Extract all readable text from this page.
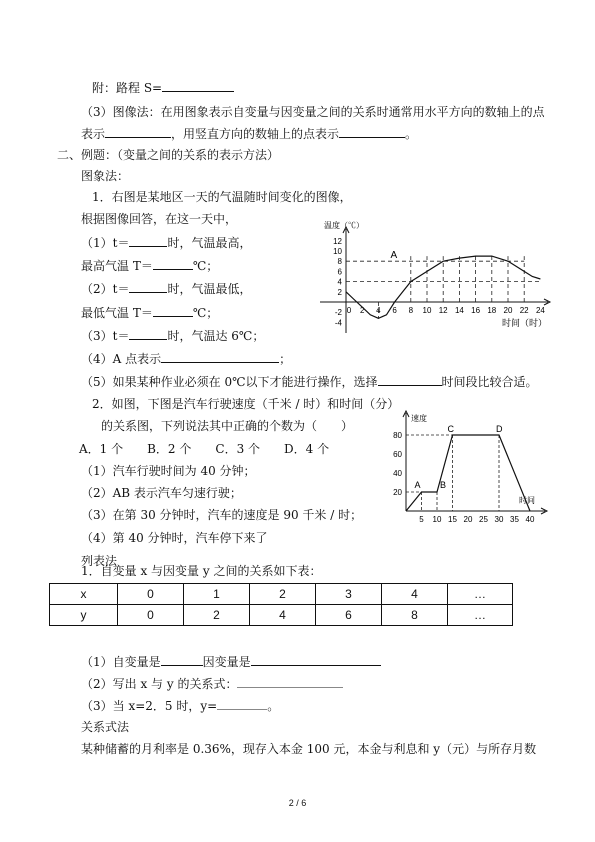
附：路程 S=
（3）图像法：在用图象表示自变量与因变量之间的关系时通常用水平方向的数轴上的点
表示	，用竖直方向的数轴上的点表示	。
二、例题：（变量之间的关系的表示方法）
图象法：
1．右图是某地区一天的气温随时间变化的图像，
根据图像回答，在这一天中，
（1）t＝	时，气温最高，
最高气温 T＝	℃；
（2）t＝	时，气温最低，
最低气温 T＝	℃；
（3）t＝	时，气温达 6℃；
（4）A 点表示	；
（5）如果某种作业必须在 0℃以下才能进行操作，选择	时间段比较合适。
温度（℃）
时间（时）
12
10
8
6
4
2
-2
-4
0 2 4 6 8 10 12 14 16 18 20 22 24
A
2．如图，下图是汽车行驶速度（千米 / 时）和时间（分）
的关系图，下列说法其中正确的个数为（　　）
A．1 个　　B．2 个　　C．3 个　　D．4 个
（1）汽车行驶时间为 40 分钟；
（2）AB 表示汽车匀速行驶；
（3）在第 30 分钟时，汽车的速度是 90 千米 / 时；
（4）第 40 分钟时，汽车停下来了
速度
时间
80
60
40
20
5 10 15 20 25 30 35 40
A B
C	D
列表法
1．自变量 x 与因变量 y 之间的关系如下表：
x	0	1	2	3	4	…
y	0	2	4	6	8	…
（1）自变量是	因变量是
（2）写出 x 与 y 的关系式：
（3）当 x=2．5 时，y=	。
关系式法
某种储蓄的月利率是 0.36%，现存入本金 100 元，本金与利息和 y（元）与所存月数
2 / 6
